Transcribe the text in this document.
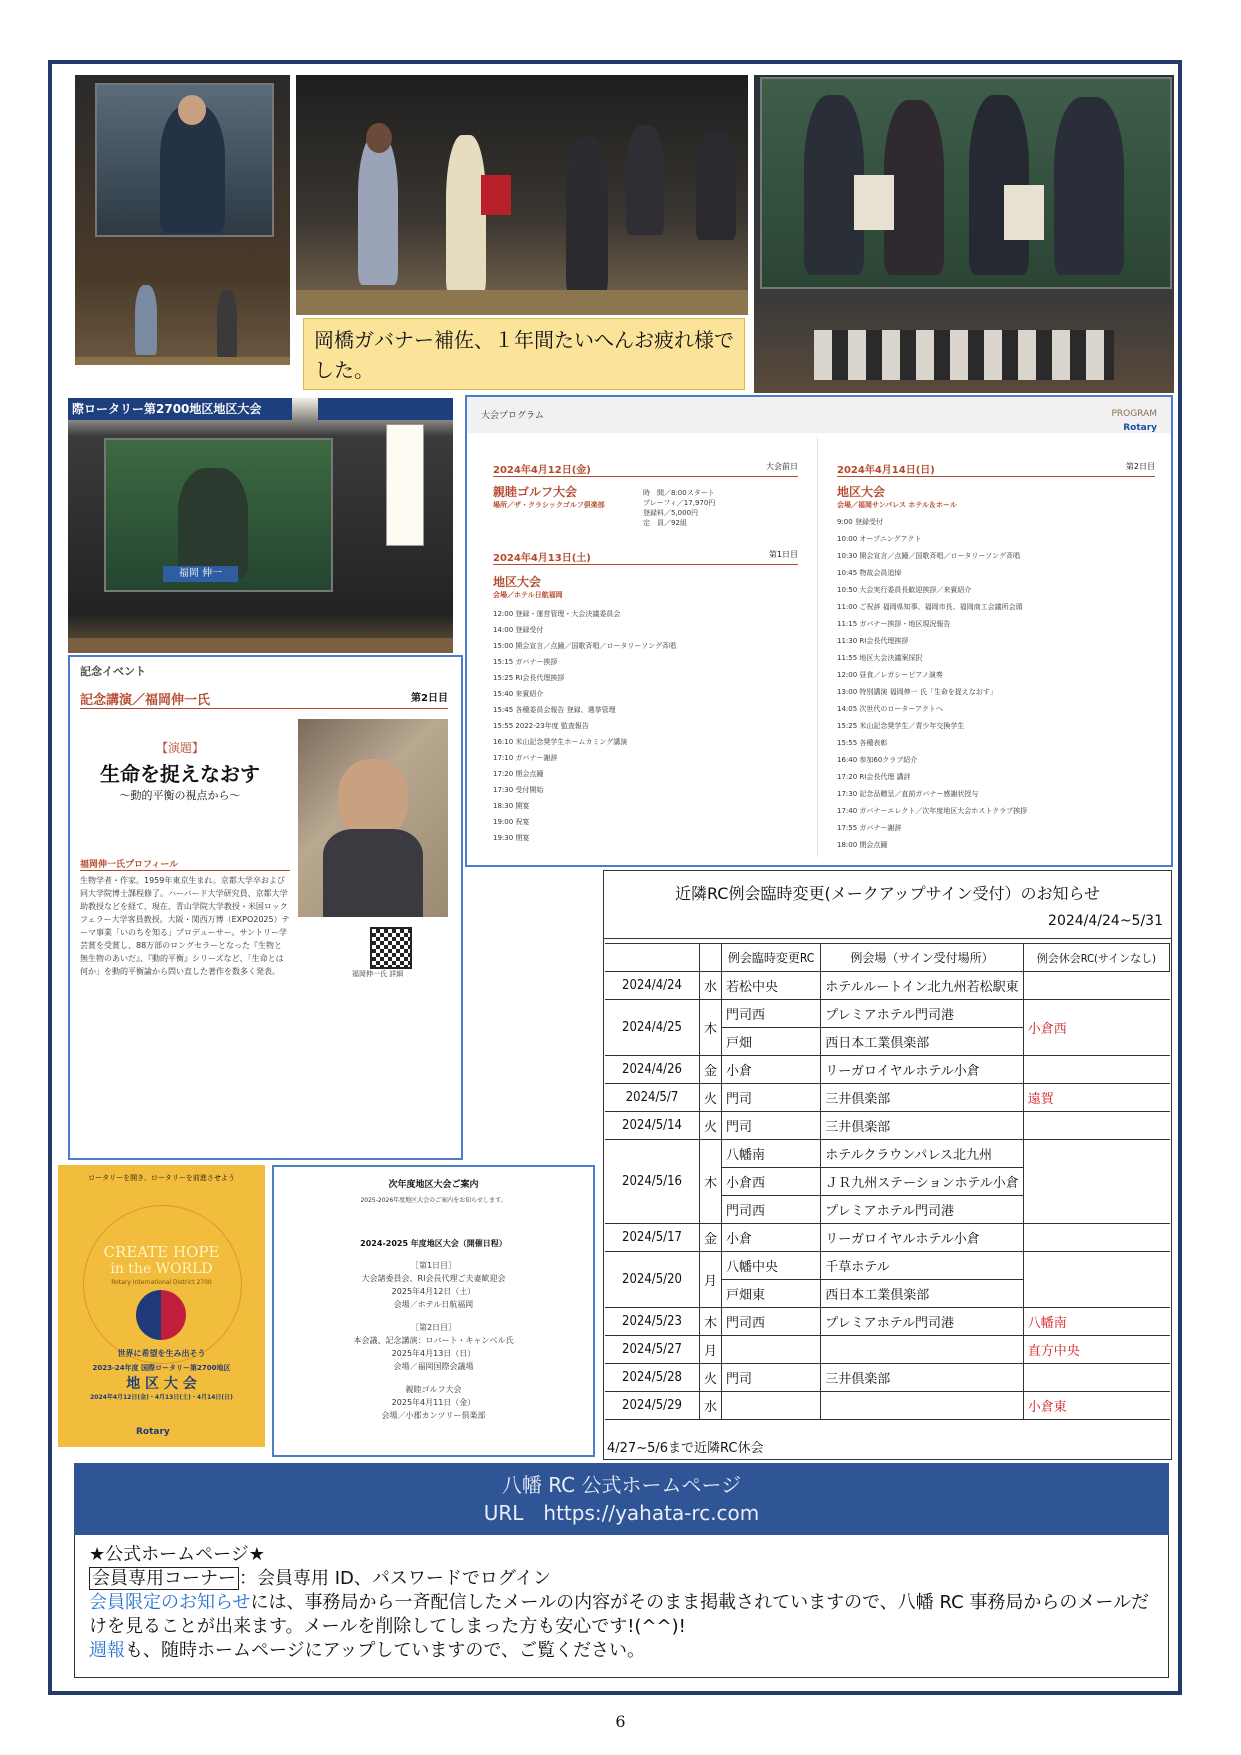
岡橋ガバナー補佐、１年間たいへんお疲れ様でした。
際ロータリー第2700地区地区大会
福岡 伸一
大会プログラム	PROGRAM
Rotary
2024年4月12日(金)	大会前日
親睦ゴルフ大会
場所／ザ・クラシックゴルフ倶楽部
時　間／8:00スタート
プレーフィ／17,970円
登録料／5,000円
定　員／92組
2024年4月13日(土)	第1日目
地区大会
会場／ホテル日航福岡
12:00 登録・運営管理・大会決議委員会
14:00 登録受付
15:00 開会宣言／点鐘／国歌斉唱／ロータリーソング斉唱
15:15 ガバナー挨拶
15:25 RI会長代理挨拶
15:40 来賓紹介
15:45 各種委員会報告 登録、選挙管理
15:55 2022-23年度 監査報告
16:10 米山記念奨学生ホームカミング講演
17:10 ガバナー謝辞
17:20 閉会点鐘
17:30 受付開始
18:30 開宴
19:00 祝宴
19:30 閉宴
2024年4月14日(日)	第2日目
地区大会
会場／福岡サンパレス ホテル＆ホール
9:00 登録受付
10:00 オープニングアクト
10:30 開会宣言／点鐘／国歌斉唱／ロータリーソング斉唱
10:45 物故会員追悼
10:50 大会実行委員長歓迎挨拶／来賓紹介
11:00 ご祝辞 福岡県知事、福岡市長、福岡商工会議所会頭
11:15 ガバナー挨拶・地区現況報告
11:30 RI会長代理挨拶
11:55 地区大会決議案採択
12:00 昼食／レガシーピアノ演奏
13:00 特別講演 福岡伸一 氏「生命を捉えなおす」
14:05 次世代のローターアクトへ
15:25 米山記念奨学生／青少年交換学生
15:55 各種表彰
16:40 参加60クラブ紹介
17:20 RI会長代理 講評
17:30 記念品贈呈／直前ガバナー感謝状授与
17:40 ガバナーエレクト／次年度地区大会ホストクラブ挨拶
17:55 ガバナー謝辞
18:00 閉会点鐘
記念イベント
記念講演／福岡伸一氏	第2日目
【演題】
生命を捉えなおす
〜動的平衡の視点から〜
福岡伸一氏プロフィール
生物学者・作家。1959年東京生まれ。京都大学卒および同大学院博士課程修了。ハーバード大学研究員、京都大学助教授などを経て、現在、青山学院大学教授・米国ロックフェラー大学客員教授。大阪・関西万博（EXPO2025）テーマ事業「いのちを知る」プロデューサー。サントリー学芸賞を受賞し、88万部のロングセラーとなった『生物と無生物のあいだ』、『動的平衡』シリーズなど、「生命とは何か」を動的平衡論から問い直した著作を数多く発表。	福岡伸一氏 詳細
ロータリーを開き、ロータリーを前進させよう
CREATE HOPE
in the WORLD
Rotary International District 2700
世界に希望を生み出そう
2023-24年度 国際ロータリー第2700地区
地 区 大 会
2024年4月12日(金)・4月13日(土)・4月14日(日)
Rotary
次年度地区大会ご案内
2025-2026年度地区大会のご案内をお知らせします。
2024-2025 年度地区大会（開催日程）
［第1日目］
大会諸委員会、RI会長代理ご夫妻歓迎会
2025年4月12日（土）
会場／ホテル日航福岡
［第2日目］
本会議、記念講演：ロバート・キャンベル氏
2025年4月13日（日）
会場／福岡国際会議場
親睦ゴルフ大会
2025年4月11日（金）
会場／小郡カンツリー倶楽部
近隣RC例会臨時変更(メークアップサイン受付）のお知らせ
2024/4/24~5/31
		例会臨時変更RC	例会場（サイン受付場所）	例会休会RC(サインなし)
2024/4/24	水	若松中央	ホテルルートイン北九州若松駅東	
2024/4/25	木	門司西	プレミアホテル門司港	小倉西
		戸畑	西日本工業倶楽部	
2024/4/26	金	小倉	リーガロイヤルホテル小倉	
2024/5/7	火	門司	三井倶楽部	遠賀
2024/5/14	火	門司	三井倶楽部	
2024/5/16	木	八幡南	ホテルクラウンパレス北九州	
		小倉西	ＪＲ九州ステーションホテル小倉	
		門司西	プレミアホテル門司港	
2024/5/17	金	小倉	リーガロイヤルホテル小倉	
2024/5/20	月	八幡中央	千草ホテル	
		戸畑東	西日本工業倶楽部	
2024/5/23	木	門司西	プレミアホテル門司港	八幡南
2024/5/27	月			直方中央
2024/5/28	火	門司	三井倶楽部	
2024/5/29	水			小倉東
4/27~5/6まで近隣RC休会
八幡 RC 公式ホームページ
URL　https://yahata-rc.com
★公式ホームページ★
会員専用コーナー ：会員専用 ID、パスワードでログイン
会員限定のお知らせには、事務局から一斉配信したメールの内容がそのまま掲載されていますので、八幡 RC 事務局からのメールだけを見ることが出来ます。メールを削除してしまった方も安心です!(^^)!
週報も、随時ホームページにアップしていますので、ご覧ください。
6
